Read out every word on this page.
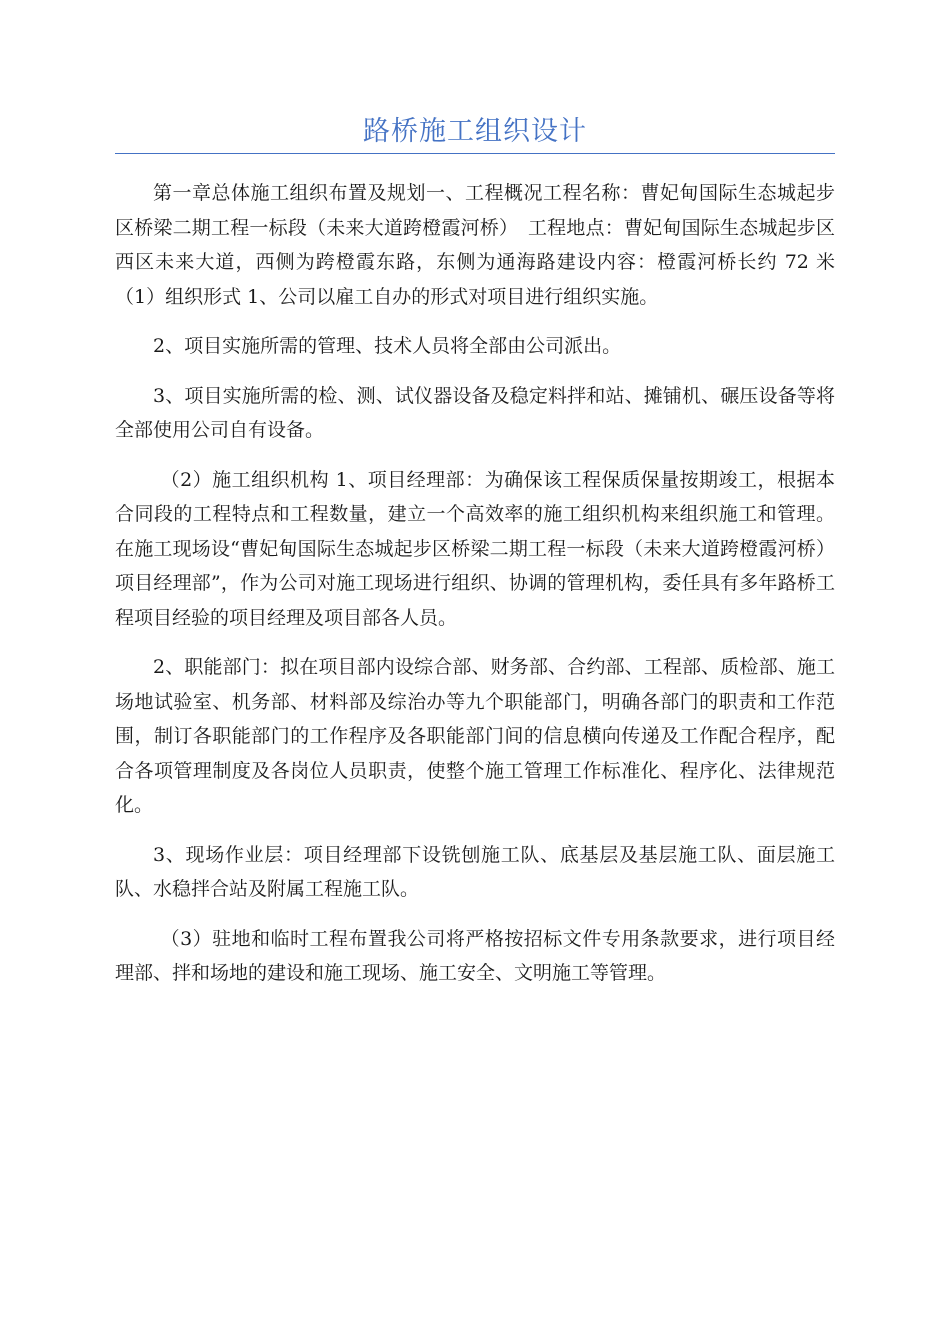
路桥施工组织设计

第一章总体施工组织布置及规划一、工程概况工程名称：曹妃甸国际生态城起步区桥梁二期工程一标段（未来大道跨橙霞河桥）　工程地点：曹妃甸国际生态城起步区西区未来大道，西侧为跨橙霞东路，东侧为通海路建设内容：橙霞河桥长约 72 米（1）组织形式 1、公司以雇工自办的形式对项目进行组织实施。

2、项目实施所需的管理、技术人员将全部由公司派出。

3、项目实施所需的检、测、试仪器设备及稳定料拌和站、摊铺机、碾压设备等将全部使用公司自有设备。

（2）施工组织机构 1、项目经理部：为确保该工程保质保量按期竣工，根据本合同段的工程特点和工程数量，建立一个高效率的施工组织机构来组织施工和管理。在施工现场设“曹妃甸国际生态城起步区桥梁二期工程一标段（未来大道跨橙霞河桥）项目经理部”，作为公司对施工现场进行组织、协调的管理机构，委任具有多年路桥工程项目经验的项目经理及项目部各人员。

2、职能部门：拟在项目部内设综合部、财务部、合约部、工程部、质检部、施工场地试验室、机务部、材料部及综治办等九个职能部门，明确各部门的职责和工作范围，制订各职能部门的工作程序及各职能部门间的信息横向传递及工作配合程序，配合各项管理制度及各岗位人员职责，使整个施工管理工作标准化、程序化、法律规范化。

3、现场作业层：项目经理部下设铣刨施工队、底基层及基层施工队、面层施工队、水稳拌合站及附属工程施工队。

（3）驻地和临时工程布置我公司将严格按招标文件专用条款要求，进行项目经理部、拌和场地的建设和施工现场、施工安全、文明施工等管理。
